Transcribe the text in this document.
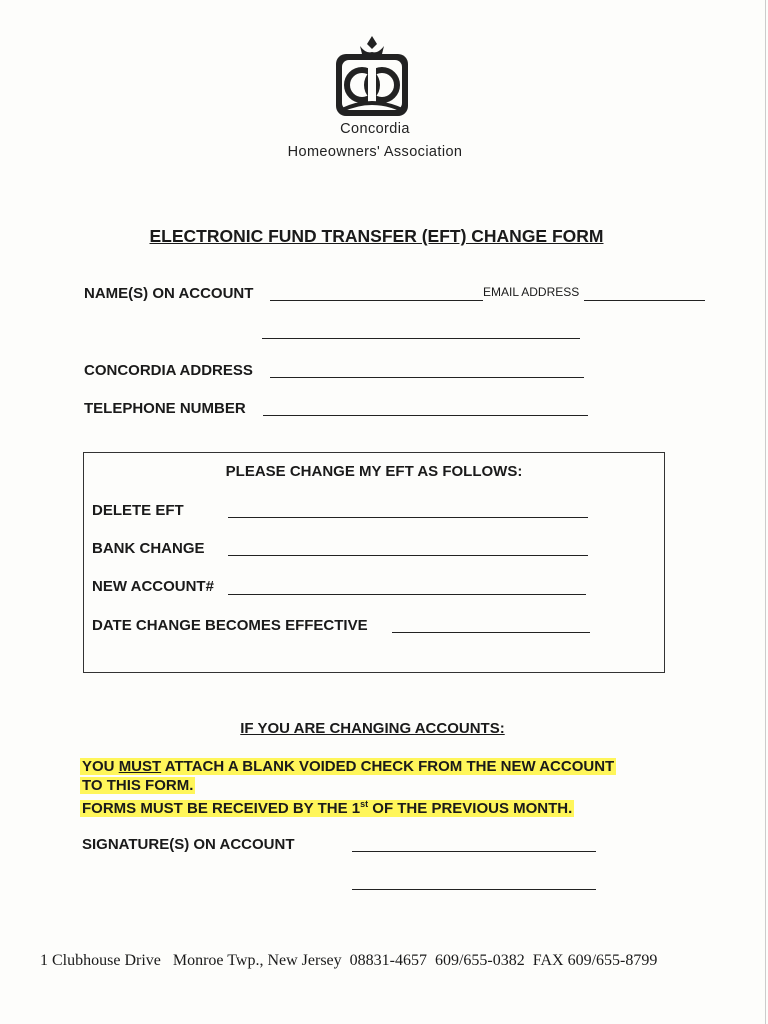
Concordia
Homeowners' Association
ELECTRONIC FUND TRANSFER (EFT) CHANGE FORM
NAME(S) ON ACCOUNT	EMAIL ADDRESS
CONCORDIA ADDRESS
TELEPHONE NUMBER
PLEASE CHANGE MY EFT AS FOLLOWS:
DELETE EFT
BANK CHANGE
NEW ACCOUNT#
DATE CHANGE BECOMES EFFECTIVE
IF YOU ARE CHANGING ACCOUNTS:
YOU MUST ATTACH A BLANK VOIDED CHECK FROM THE NEW ACCOUNT
TO THIS FORM.
FORMS MUST BE RECEIVED BY THE 1st OF THE PREVIOUS MONTH.
SIGNATURE(S) ON ACCOUNT
1 Clubhouse Drive   Monroe Twp., New Jersey  08831-4657  609/655-0382  FAX 609/655-8799
